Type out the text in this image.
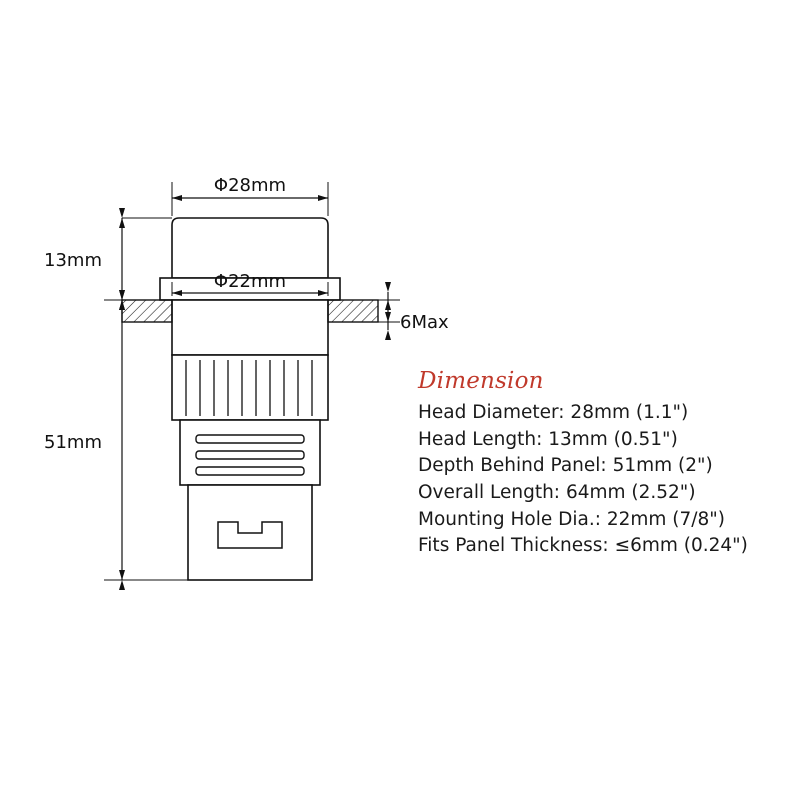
Φ28mm
Φ22mm
13mm
51mm
6Max
Dimension
Head Diameter: 28mm (1.1")
Head Length: 13mm (0.51")
Depth Behind Panel: 51mm (2")
Overall Length: 64mm (2.52")
Mounting Hole Dia.: 22mm (7/8")
Fits Panel Thickness: ≤6mm (0.24")
